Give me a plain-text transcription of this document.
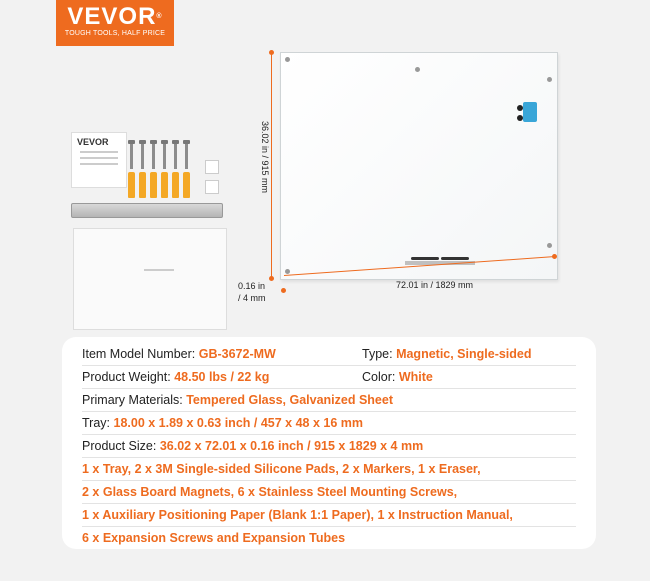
VEVOR®
TOUGH TOOLS, HALF PRICE
VEVOR	36.02 in / 915 mm
72.01 in / 1829 mm
0.16 in
/ 4 mm
Item Model Number: GB-3672-MW	Type: Magnetic, Single-sided
Product Weight: 48.50 lbs / 22 kg	Color: White
Primary Materials: Tempered Glass, Galvanized Sheet
Tray: 18.00 x 1.89 x 0.63 inch / 457 x 48 x 16 mm
Product Size: 36.02 x 72.01 x 0.16 inch / 915 x 1829 x 4 mm
1 x Tray, 2 x 3M Single-sided Silicone Pads, 2 x Markers, 1 x Eraser,
2 x Glass Board Magnets, 6 x Stainless Steel Mounting Screws,
1 x Auxiliary Positioning Paper (Blank 1:1 Paper), 1 x Instruction Manual,
6 x Expansion Screws and Expansion Tubes
